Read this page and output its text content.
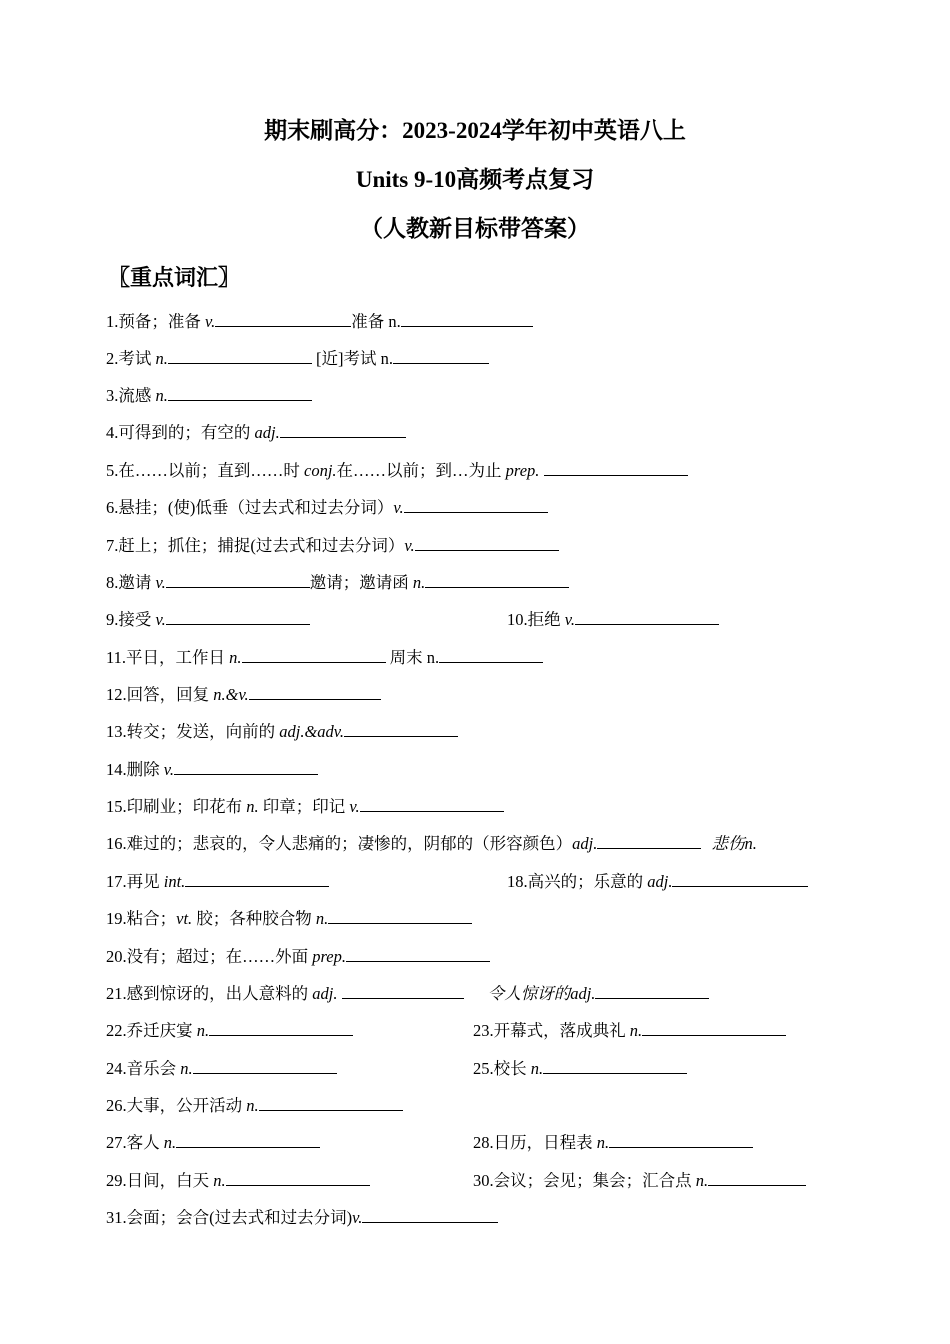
期末刷高分：2023-2024学年初中英语八上
Units 9-10高频考点复习
（人教新目标带答案）
〖重点词汇〗
1.预备；准备 v.	准备 n.
2.考试 n.	[近]考试 n.
3.流感 n.
4.可得到的；有空的 adj.
5.在……以前；直到……时 conj.在……以前；到…为止 prep.
6.悬挂；(使)低垂（过去式和过去分词）v.
7.赶上；抓住；捕捉(过去式和过去分词）v.
8.邀请 v.	邀请；邀请函 n.
9.接受 v.	10.拒绝 v.
11.平日，工作日 n.	周末 n.
12.回答，回复 n.&v.
13.转交；发送，向前的 adj.&adv.
14.删除 v.
15.印刷业；印花布 n. 印章；印记 v.
16.难过的；悲哀的，令人悲痛的；凄惨的，阴郁的（形容颜色）adj.	悲伤n.
17.再见 int.	18.高兴的；乐意的 adj.
19.粘合；vt. 胶；各种胶合物 n.
20.没有；超过；在……外面 prep.
21.感到惊讶的，出人意料的 adj.	令人惊讶的adj.
22.乔迁庆宴 n.	23.开幕式，落成典礼 n.
24.音乐会 n.	25.校长 n.
26.大事，公开活动 n.
27.客人 n.	28.日历，日程表 n.
29.日间，白天 n.	30.会议；会见；集会；汇合点 n.
31.会面；会合(过去式和过去分词)v.
